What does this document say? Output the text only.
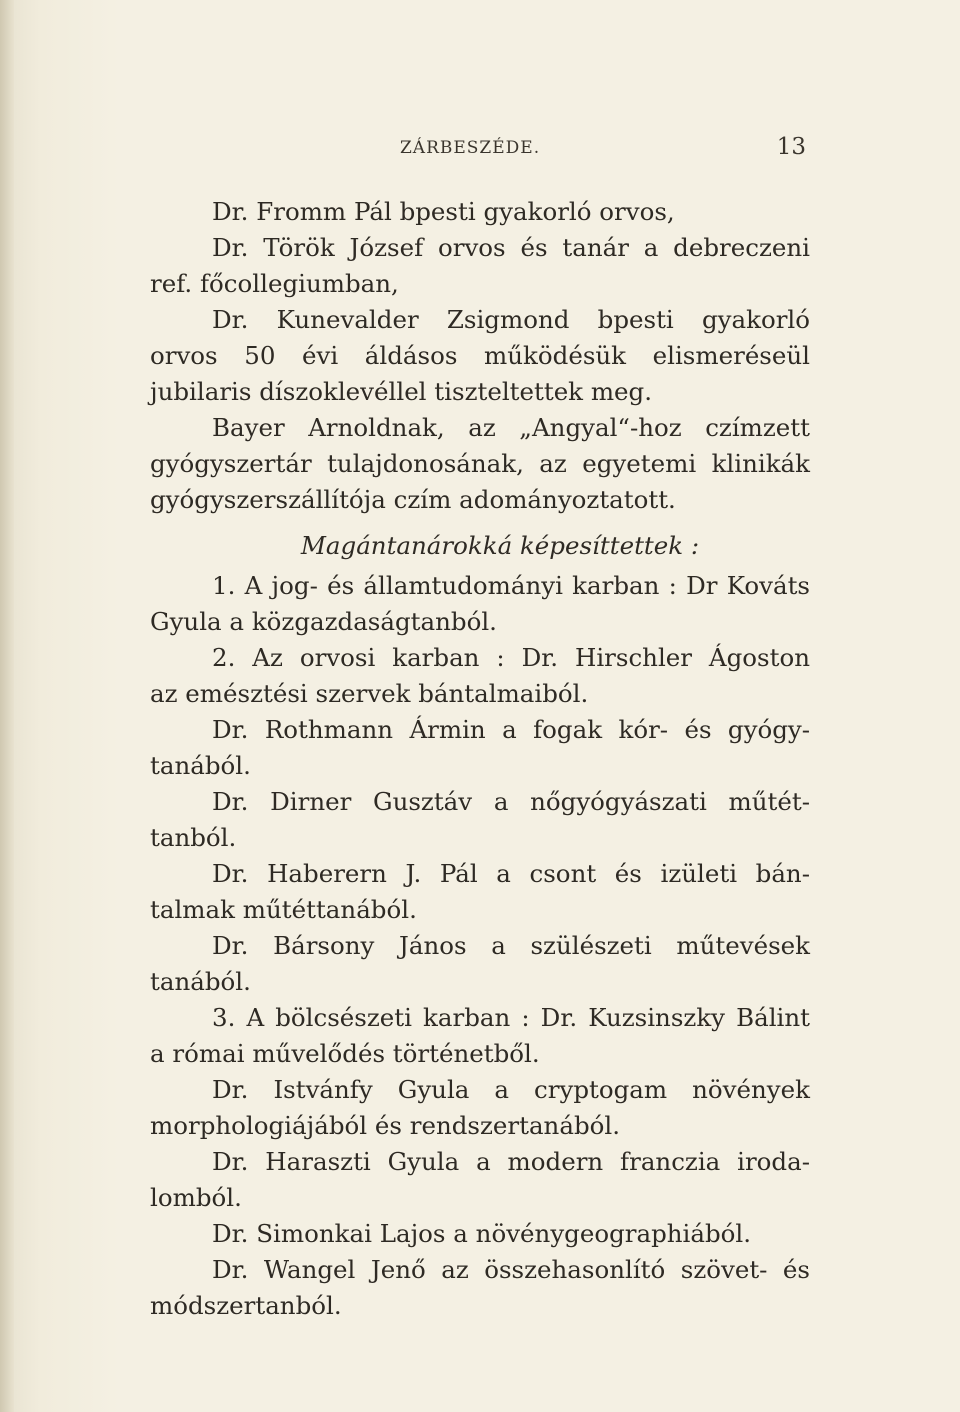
ZÁRBESZÉDE.	13
Dr. Fromm Pál bpesti gyakorló orvos,
Dr. Török József orvos és tanár a debreczeni
ref. főcollegiumban,
Dr. Kunevalder Zsigmond bpesti gyakorló
orvos 50 évi áldásos működésük elismeréseül
jubilaris díszoklevéllel tiszteltettek meg.
Bayer Arnoldnak, az „Angyal“-hoz czímzett
gyógyszertár tulajdonosának, az egyetemi klinikák
gyógyszerszállítója czím adományoztatott.
Magántanárokká képesíttettek :
1. A jog- és államtudományi karban : Dr Kováts
Gyula a közgazdaságtanból.
2. Az orvosi karban : Dr. Hirschler Ágoston
az emésztési szervek bántalmaiból.
Dr. Rothmann Ármin a fogak kór- és gyógy-
tanából.
Dr. Dirner Gusztáv a nőgyógyászati műtét-
tanból.
Dr. Haberern J. Pál a csont és izületi bán-
talmak műtéttanából.
Dr. Bársony János a szülészeti műtevések
tanából.
3. A bölcsészeti karban : Dr. Kuzsinszky Bálint
a római művelődés történetből.
Dr. Istvánfy Gyula a cryptogam növények
morphologiájából és rendszertanából.
Dr. Haraszti Gyula a modern franczia iroda-
lomból.
Dr. Simonkai Lajos a növénygeographiából.
Dr. Wangel Jenő az összehasonlító szövet- és
módszertanból.
